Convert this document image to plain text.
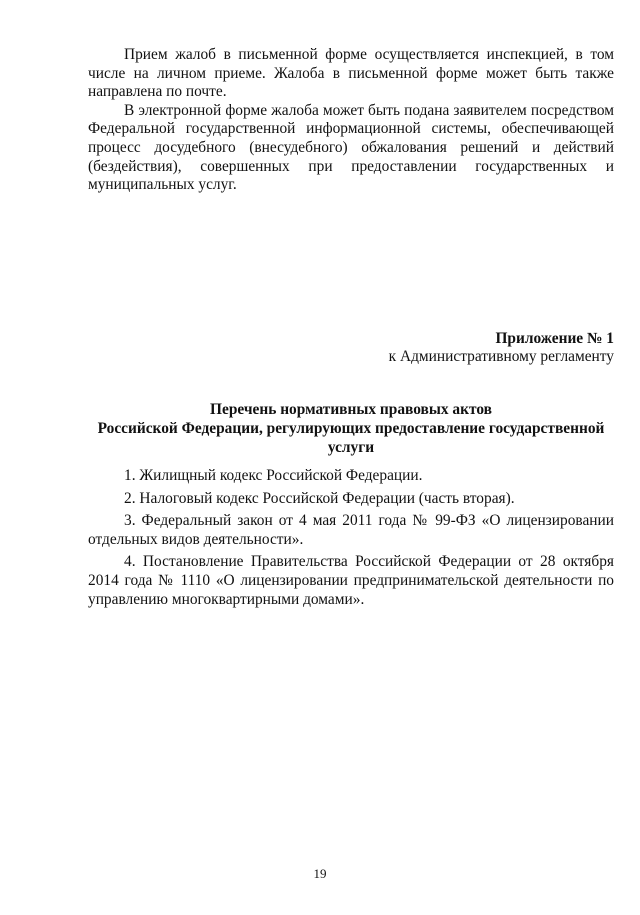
Прием жалоб в письменной форме осуществляется инспекцией, в том числе на личном приеме. Жалоба в письменной форме может быть также направлена по почте.

В электронной форме жалоба может быть подана заявителем посредством Федеральной государственной информационной системы, обеспечивающей процесс досудебного (внесудебного) обжалования решений и действий (бездействия), совершенных при предоставлении государственных и муниципальных услуг.

Приложение № 1
к Административному регламенту
Перечень нормативных правовых актов
Российской Федерации, регулирующих предоставление государственной
услуги

1. Жилищный кодекс Российской Федерации.

2. Налоговый кодекс Российской Федерации (часть вторая).

3. Федеральный закон от 4 мая 2011 года № 99-ФЗ «О лицензировании отдельных видов деятельности».

4. Постановление Правительства Российской Федерации от 28 октября 2014 года № 1110 «О лицензировании предпринимательской деятельности по управлению многоквартирными домами».

19
